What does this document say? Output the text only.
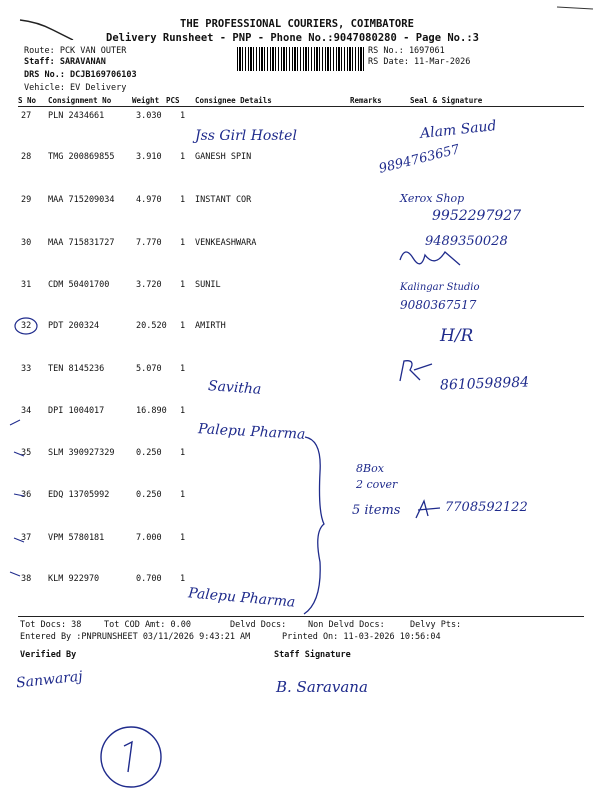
THE PROFESSIONAL COURIERS, COIMBATORE
Delivery Runsheet - PNP - Phone No.:9047080280 - Page No.:3
Route: PCK VAN OUTER
Staff: SARAVANAN
DRS No.: DCJB169706103
Vehicle: EV Delivery
RS No.: 1697061
RS Date: 11-Mar-2026
S No Consignment No	Weight PCS Consignee Details	Remarks	Seal & Signature
27 PLN 2434661	3.030 1
28 TMG 200869855	3.910 1 GANESH SPIN
29 MAA 715209034	4.970 1 INSTANT COR
30 MAA 715831727	7.770 1 VENKEASHWARA
31 CDM 50401700	3.720 1 SUNIL
32 PDT 200324	20.520 1 AMIRTH
33 TEN 8145236	5.070 1
34 DPI 1004017	16.890 1
35 SLM 390927329	0.250 1
36 EDQ 13705992	0.250 1
37 VPM 5780181	7.000 1
38 KLM 922970	0.700 1
Jss Girl Hostel	Alam Saud
9894763657
Xerox Shop
9952297927
9489350028
Kalingar Studio
9080367517
H/R
8610598984
Savitha
Palepu Pharma
8Box
2 cover
5 items	7708592122
Palepu Pharma
Tot Docs: 38	Tot COD Amt: 0.00	Delvd Docs:	Non Delvd Docs:	Delvy Pts:
Entered By :PNPRUNSHEET 03/11/2026 9:43:21 AM	Printed On: 11-03-2026 10:56:04
Verified By	Staff Signature
Sanwaraj	B. Saravana
